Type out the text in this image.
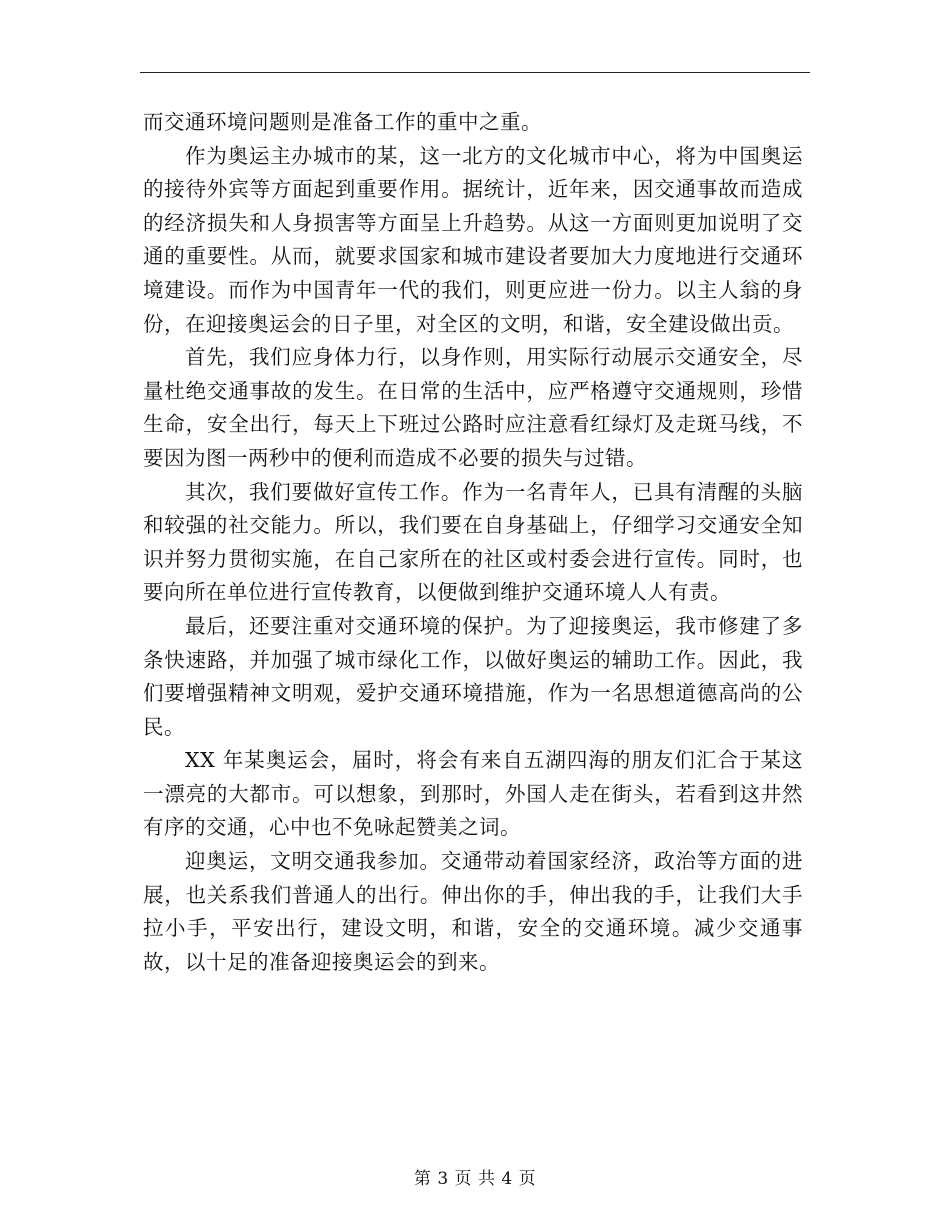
而交通环境问题则是准备工作的重中之重。

作为奥运主办城市的某，这一北方的文化城市中心，将为中国奥运的接待外宾等方面起到重要作用。据统计，近年来，因交通事故而造成的经济损失和人身损害等方面呈上升趋势。从这一方面则更加说明了交通的重要性。从而，就要求国家和城市建设者要加大力度地进行交通环境建设。而作为中国青年一代的我们，则更应进一份力。以主人翁的身份，在迎接奥运会的日子里，对全区的文明，和谐，安全建设做出贡。

首先，我们应身体力行，以身作则，用实际行动展示交通安全，尽量杜绝交通事故的发生。在日常的生活中，应严格遵守交通规则，珍惜生命，安全出行，每天上下班过公路时应注意看红绿灯及走斑马线，不要因为图一两秒中的便利而造成不必要的损失与过错。

其次，我们要做好宣传工作。作为一名青年人，已具有清醒的头脑和较强的社交能力。所以，我们要在自身基础上，仔细学习交通安全知识并努力贯彻实施，在自己家所在的社区或村委会进行宣传。同时，也要向所在单位进行宣传教育，以便做到维护交通环境人人有责。

最后，还要注重对交通环境的保护。为了迎接奥运，我市修建了多条快速路，并加强了城市绿化工作，以做好奥运的辅助工作。因此，我们要增强精神文明观，爱护交通环境措施，作为一名思想道德高尚的公民。

XX 年某奥运会，届时，将会有来自五湖四海的朋友们汇合于某这一漂亮的大都市。可以想象，到那时，外国人走在街头，若看到这井然有序的交通，心中也不免咏起赞美之词。

迎奥运，文明交通我参加。交通带动着国家经济，政治等方面的进展，也关系我们普通人的出行。伸出你的手，伸出我的手，让我们大手拉小手，平安出行，建设文明，和谐，安全的交通环境。减少交通事故，以十足的准备迎接奥运会的到来。

第 3 页 共 4 页
